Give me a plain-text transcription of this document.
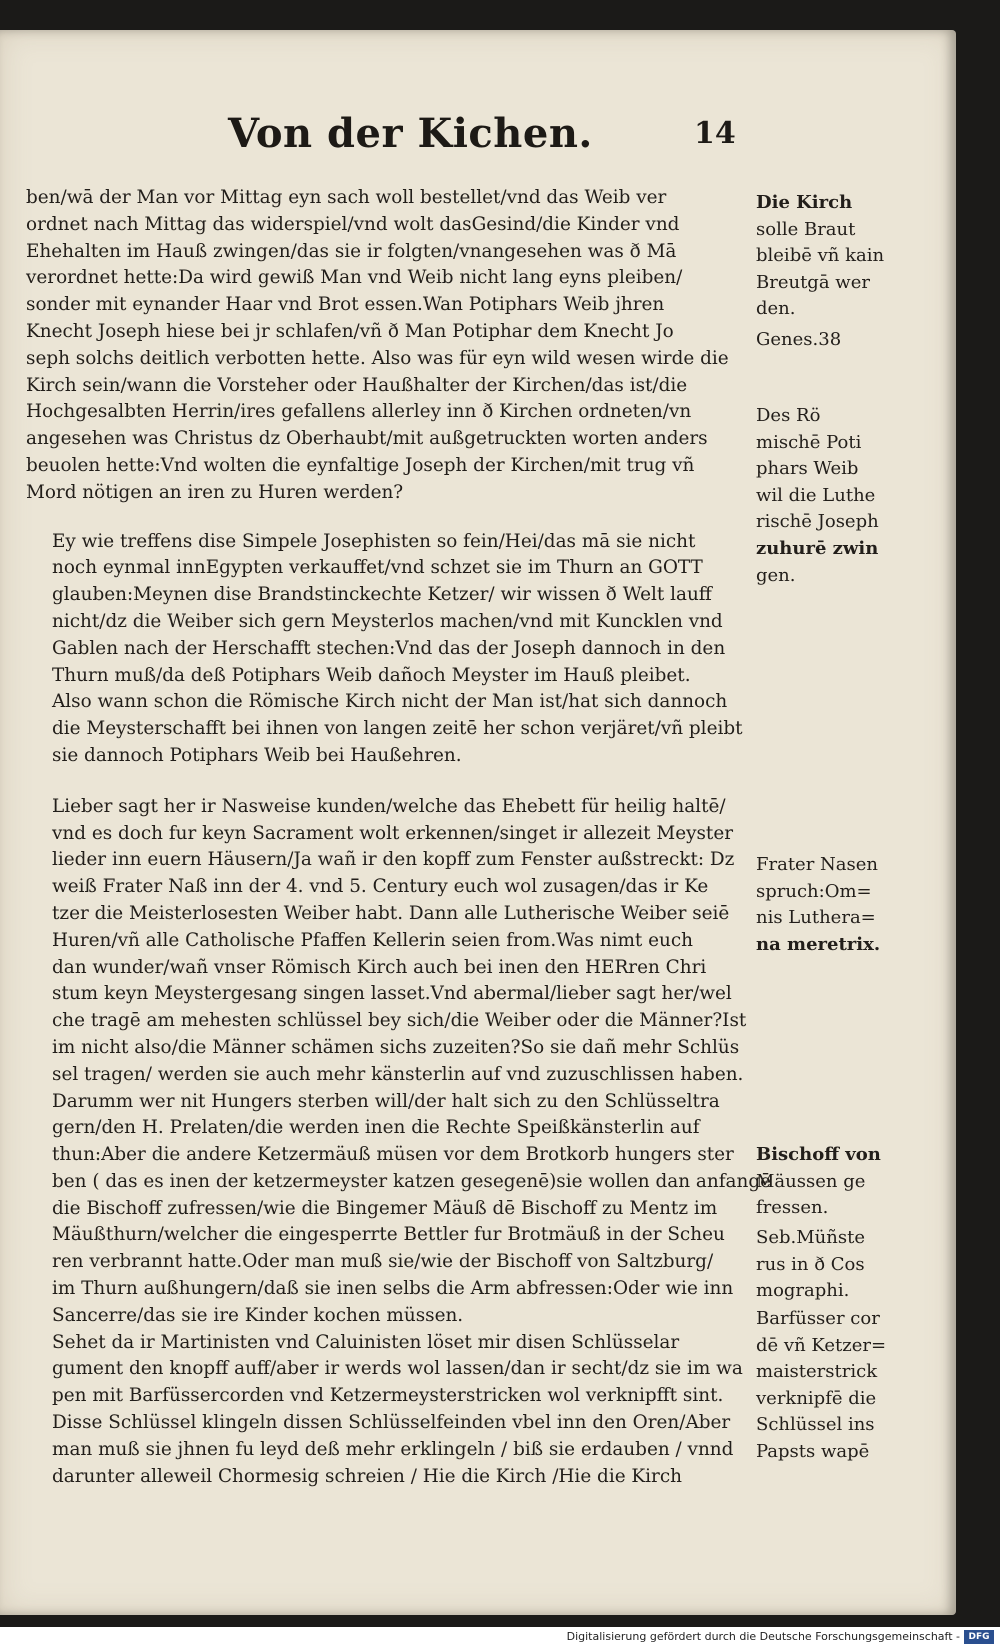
Von der Kichen.	14
ben/wā der Man vor Mittag eyn sach woll bestellet/vnd das Weib ver
ordnet nach Mittag das widerspiel/vnd wolt dasGesind/die Kinder vnd
Ehehalten im Hauß zwingen/das sie ir folgten/vnangesehen was ð Mā
verordnet hette:Da wird gewiß Man vnd Weib nicht lang eyns pleiben/
sonder mit eynander Haar vnd Brot essen.Wan Potiphars Weib jhren
Knecht Joseph hiese bei jr schlafen/vñ ð Man Potiphar dem Knecht Jo
seph solchs deitlich verbotten hette. Also was für eyn wild wesen wirde die
Kirch sein/wann die Vorsteher oder Haußhalter der Kirchen/das ist/die
Hochgesalbten Herrin/ires gefallens allerley inn ð Kirchen ordneten/vn
angesehen was Christus dz Oberhaubt/mit außgetruckten worten anders
beuolen hette:Vnd wolten die eynfaltige Joseph der Kirchen/mit trug vñ
Mord nötigen an iren zu Huren werden?
Ey wie treffens dise Simpele Josephisten so fein/Hei/das mā sie nicht
noch eynmal innEgypten verkauffet/vnd schzet sie im Thurn an GOTT
glauben:Meynen dise Brandstinckechte Ketzer/ wir wissen ð Welt lauff
nicht/dz die Weiber sich gern Meysterlos machen/vnd mit Kuncklen vnd
Gablen nach der Herschafft stechen:Vnd das der Joseph dannoch in den
Thurn muß/da deß Potiphars Weib dañoch Meyster im Hauß pleibet.
Also wann schon die Römische Kirch nicht der Man ist/hat sich dannoch
die Meysterschafft bei ihnen von langen zeitē her schon verjäret/vñ pleibt
sie dannoch Potiphars Weib bei Haußehren.
Lieber sagt her ir Nasweise kunden/welche das Ehebett für heilig haltē/
vnd es doch fur keyn Sacrament wolt erkennen/singet ir allezeit Meyster
lieder inn euern Häusern/Ja wañ ir den kopff zum Fenster außstreckt: Dz
weiß Frater Naß inn der 4. vnd 5. Century euch wol zusagen/das ir Ke
tzer die Meisterlosesten Weiber habt. Dann alle Lutherische Weiber seiē
Huren/vñ alle Catholische Pfaffen Kellerin seien from.Was nimt euch
dan wunder/wañ vnser Römisch Kirch auch bei inen den HERren Chri
stum keyn Meystergesang singen lasset.Vnd abermal/lieber sagt her/wel
che tragē am mehesten schlüssel bey sich/die Weiber oder die Männer?Ist
im nicht also/die Männer schämen sichs zuzeiten?So sie dañ mehr Schlüs
sel tragen/ werden sie auch mehr känsterlin auf vnd zuzuschlissen haben.
Darumm wer nit Hungers sterben will/der halt sich zu den Schlüsseltra
gern/den H. Prelaten/die werden inen die Rechte Speißkänsterlin auf
thun:Aber die andere Ketzermäuß müsen vor dem Brotkorb hungers ster
ben ( das es inen der ketzermeyster katzen gesegenē)sie wollen dan anfangē
die Bischoff zufressen/wie die Bingemer Mäuß dē Bischoff zu Mentz im
Mäußthurn/welcher die eingesperrte Bettler fur Brotmäuß in der Scheu
ren verbrannt hatte.Oder man muß sie/wie der Bischoff von Saltzburg/
im Thurn außhungern/daß sie inen selbs die Arm abfressen:Oder wie inn
Sancerre/das sie ire Kinder kochen müssen.
Sehet da ir Martinisten vnd Caluinisten löset mir disen Schlüsselar
gument den knopff auff/aber ir werds wol lassen/dan ir secht/dz sie im wa
pen mit Barfüssercorden vnd Ketzermeysterstricken wol verknipfft sint.
Disse Schlüssel klingeln dissen Schlüsselfeinden vbel inn den Oren/Aber
man muß sie jhnen fu leyd deß mehr erklingeln / biß sie erdauben / vnnd
darunter alleweil Chormesig schreien / Hie die Kirch /Hie die Kirch
Die Kirch
solle Braut
bleibē vñ kain
Breutgā wer
den.
Genes.38
Des Rö
mischē Poti
phars Weib
wil die Luthe
rischē Joseph
zuhurē zwin
gen.
Frater Nasen
spruch:Om=
nis Luthera=
na meretrix.
Bischoff von
Mäussen ge
fressen.
Seb.Müñste
rus in ð Cos
mographi.
Barfüsser cor
dē vñ Ketzer=
maisterstrick
verknipfē die
Schlüssel ins
Papsts wapē
Digitalisierung gefördert durch die Deutsche Forschungsgemeinschaft - DFG
